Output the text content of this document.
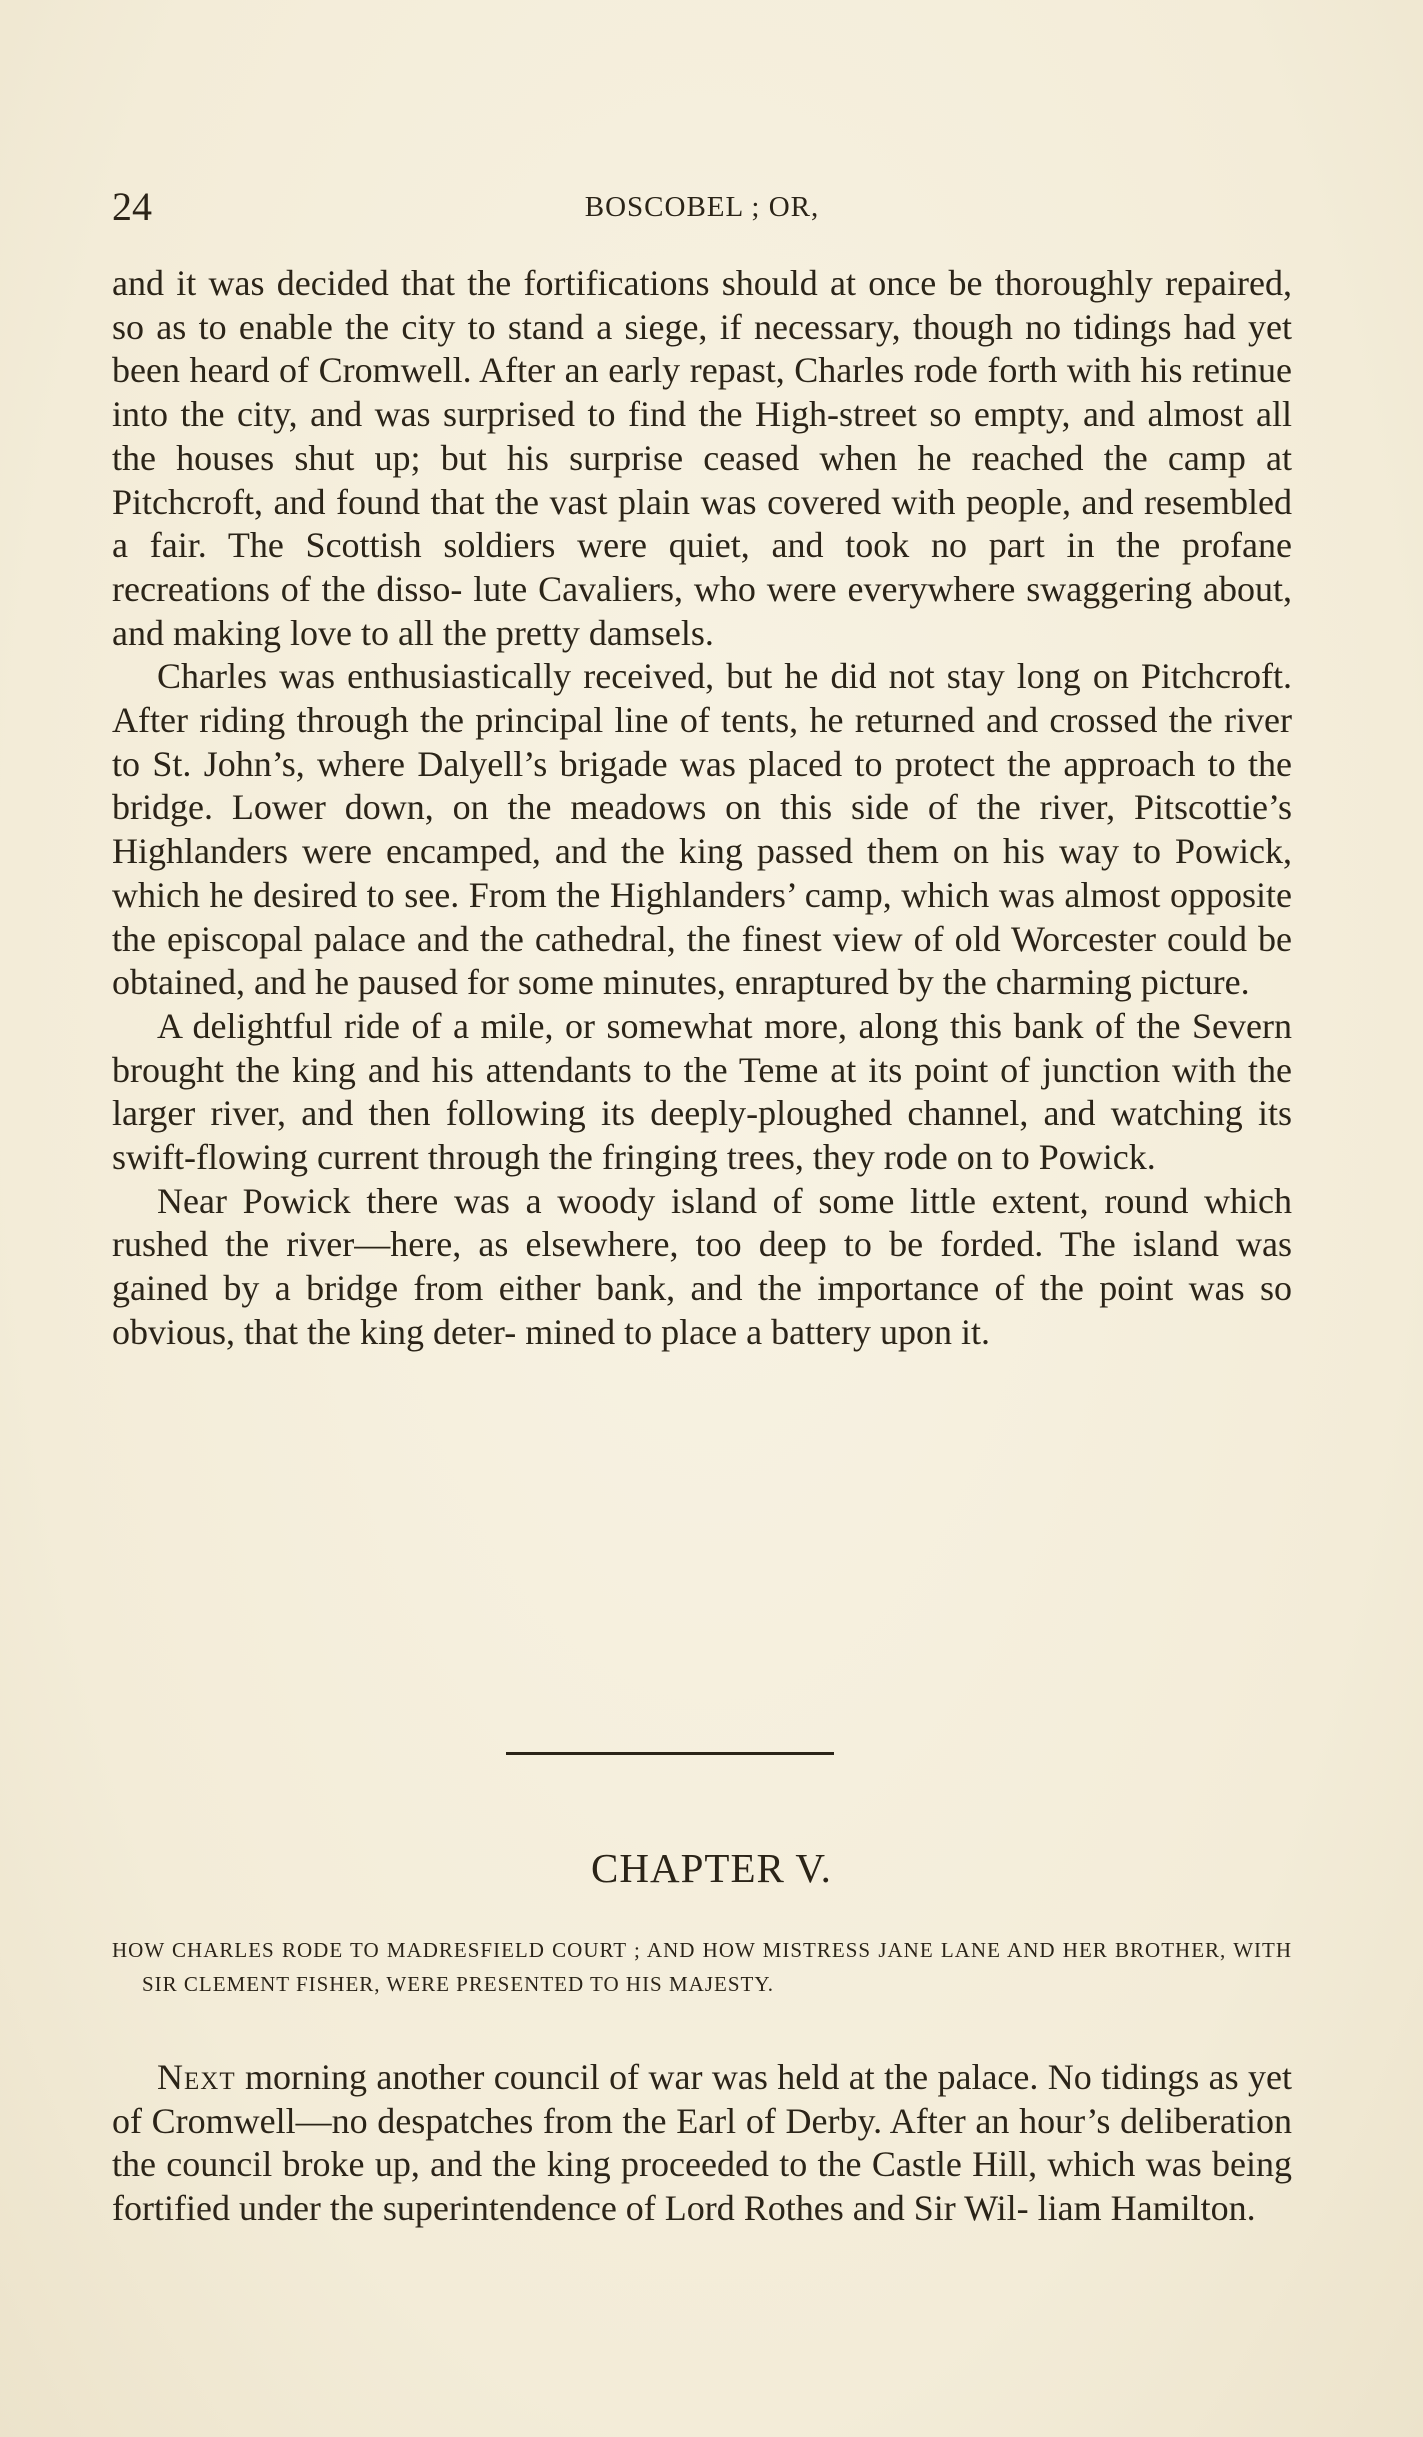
24	BOSCOBEL ; OR,

and it was decided that the fortifications should at once be thoroughly repaired, so as to enable the city to stand a siege, if necessary, though no tidings had yet been heard of Cromwell. After an early repast, Charles rode forth with his retinue into the city, and was surprised to find the High-street so empty, and almost all the houses shut up; but his surprise ceased when he reached the camp at Pitchcroft, and found that the vast plain was covered with people, and resembled a fair. The Scottish soldiers were quiet, and took no part in the profane recreations of the disso- lute Cavaliers, who were everywhere swaggering about, and making love to all the pretty damsels.

Charles was enthusiastically received, but he did not stay long on Pitchcroft. After riding through the principal line of tents, he returned and crossed the river to St. John’s, where Dalyell’s brigade was placed to protect the approach to the bridge. Lower down, on the meadows on this side of the river, Pitscottie’s Highlanders were encamped, and the king passed them on his way to Powick, which he desired to see. From the Highlanders’ camp, which was almost opposite the episcopal palace and the cathedral, the finest view of old Worcester could be obtained, and he paused for some minutes, enraptured by the charming picture.

A delightful ride of a mile, or somewhat more, along this bank of the Severn brought the king and his attendants to the Teme at its point of junction with the larger river, and then following its deeply-ploughed channel, and watching its swift-flowing current through the fringing trees, they rode on to Powick.

Near Powick there was a woody island of some little extent, round which rushed the river—here, as elsewhere, too deep to be forded. The island was gained by a bridge from either bank, and the importance of the point was so obvious, that the king deter- mined to place a battery upon it.

CHAPTER V.
HOW CHARLES RODE TO MADRESFIELD COURT ; AND HOW MISTRESS JANE LANE AND HER BROTHER, WITH SIR CLEMENT FISHER, WERE PRESENTED TO HIS MAJESTY.

Next morning another council of war was held at the palace. No tidings as yet of Cromwell—no despatches from the Earl of Derby. After an hour’s deliberation the council broke up, and the king proceeded to the Castle Hill, which was being fortified under the superintendence of Lord Rothes and Sir Wil- liam Hamilton.
